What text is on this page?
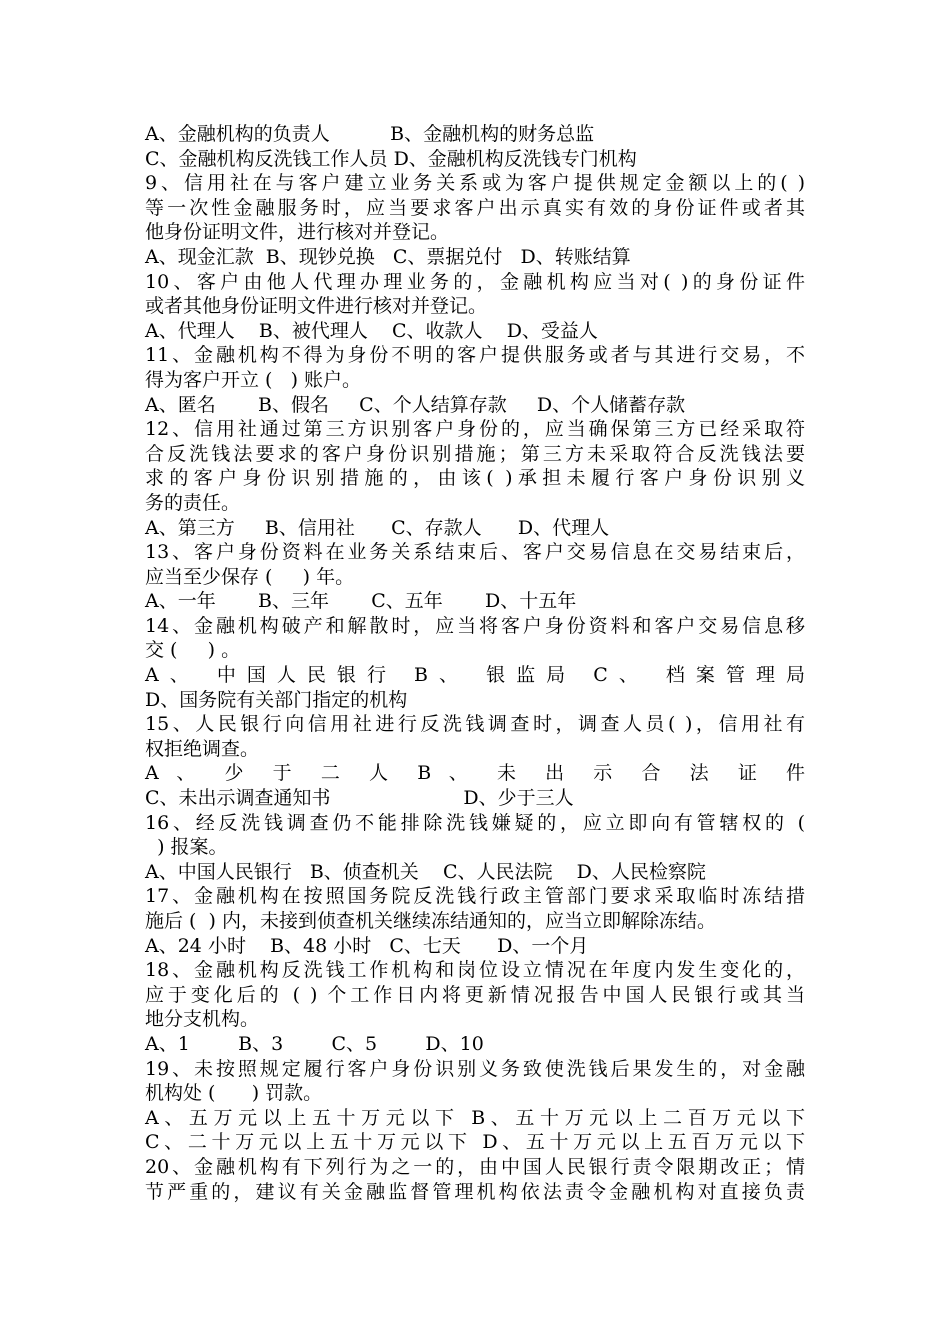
A、金融机构的负责人          B、金融机构的财务总监
C、金融机构反洗钱工作人员 D、金融机构反洗钱专门机构
9、信用社在与客户建立业务关系或为客户提供规定金额以上的( )
等一次性金融服务时，应当要求客户出示真实有效的身份证件或者其
他身份证明文件，进行核对并登记。
A、现金汇款  B、现钞兑换   C、票据兑付   D、转账结算
10、客户由他人代理办理业务的，金融机构应当对( )的身份证件
或者其他身份证明文件进行核对并登记。
A、代理人    B、被代理人    C、收款人    D、受益人
11、金融机构不得为身份不明的客户提供服务或者与其进行交易，不
得为客户开立 (   ) 账户。
A、匿名       B、假名     C、个人结算存款     D、个人储蓄存款
12、信用社通过第三方识别客户身份的，应当确保第三方已经采取符
合反洗钱法要求的客户身份识别措施；第三方未采取符合反洗钱法要
求的客户身份识别措施的，由该( )承担未履行客户身份识别义
务的责任。
A、第三方     B、信用社      C、存款人      D、代理人
13、客户身份资料在业务关系结束后、客户交易信息在交易结束后，
应当至少保存 (     ) 年。
A、一年       B、三年       C、五年       D、十五年
14、金融机构破产和解散时，应当将客户身份资料和客户交易信息移
交 (     ) 。
A、 中国人民银行 B、 银监局 C、 档案管理局
D、国务院有关部门指定的机构
15、人民银行向信用社进行反洗钱调查时，调查人员( )，信用社有
权拒绝调查。
A 、 少 于 二 人 B 、 未 出 示 合 法 证 件
C、未出示调查通知书                      D、少于三人
16、经反洗钱调查仍不能排除洗钱嫌疑的，应立即向有管辖权的 (
) 报案。
A、中国人民银行   B、侦查机关    C、人民法院    D、人民检察院
17、金融机构在按照国务院反洗钱行政主管部门要求采取临时冻结措
施后 (  ) 内，未接到侦查机关继续冻结通知的，应当立即解除冻结。
A、24 小时    B、48 小时   C、七天      D、一个月
18、金融机构反洗钱工作机构和岗位设立情况在年度内发生变化的，
应于变化后的 ( ) 个工作日内将更新情况报告中国人民银行或其当
地分支机构。
A、1        B、3        C、5        D、10
19、未按照规定履行客户身份识别义务致使洗钱后果发生的，对金融
机构处 (      ) 罚款。
A、五万元以上五十万元以下 B、五十万元以上二百万元以下
C、二十万元以上五十万元以下 D、五十万元以上五百万元以下
20、金融机构有下列行为之一的，由中国人民银行责令限期改正；情
节严重的，建议有关金融监督管理机构依法责令金融机构对直接负责
